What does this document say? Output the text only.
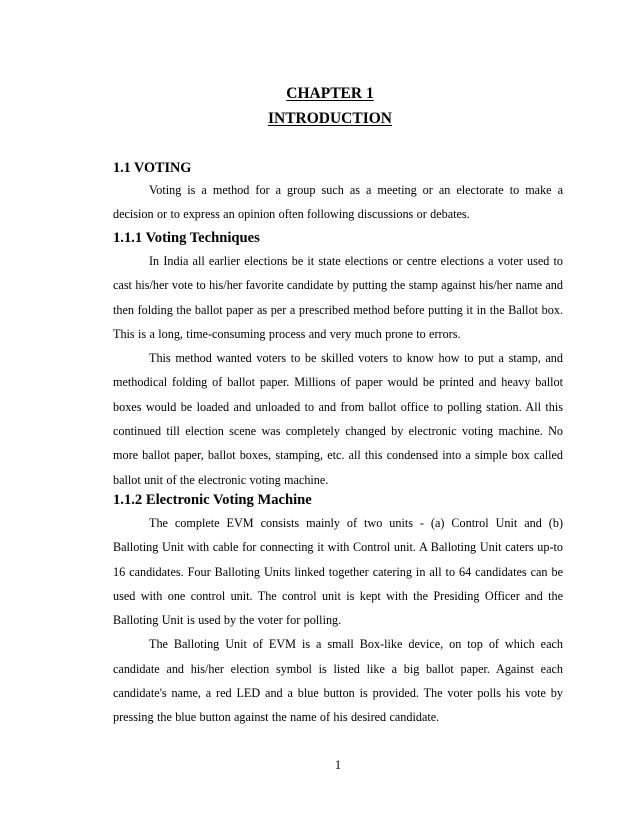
CHAPTER 1

INTRODUCTION

1.1 VOTING

Voting is a method for a group such as a meeting or an electorate to make a decision or to express an opinion often following discussions or debates.

1.1.1 Voting Techniques

In India all earlier elections be it state elections or centre elections a voter used to cast his/her vote to his/her favorite candidate by putting the stamp against his/her name and then folding the ballot paper as per a prescribed method before putting it in the Ballot box. This is a long, time-consuming process and very much prone to errors.

This method wanted voters to be skilled voters to know how to put a stamp, and methodical folding of ballot paper. Millions of paper would be printed and heavy ballot boxes would be loaded and unloaded to and from ballot office to polling station. All this continued till election scene was completely changed by electronic voting machine. No more ballot paper, ballot boxes, stamping, etc. all this condensed into a simple box called ballot unit of the electronic voting machine.

1.1.2 Electronic Voting Machine

The complete EVM consists mainly of two units - (a) Control Unit and (b) Balloting Unit with cable for connecting it with Control unit. A Balloting Unit caters up-to 16 candidates. Four Balloting Units linked together catering in all to 64 candidates can be used with one control unit. The control unit is kept with the Presiding Officer and the Balloting Unit is used by the voter for polling.

The Balloting Unit of EVM is a small Box-like device, on top of which each candidate and his/her election symbol is listed like a big ballot paper. Against each candidate's name, a red LED and a blue button is provided. The voter polls his vote by pressing the blue button against the name of his desired candidate.

1
